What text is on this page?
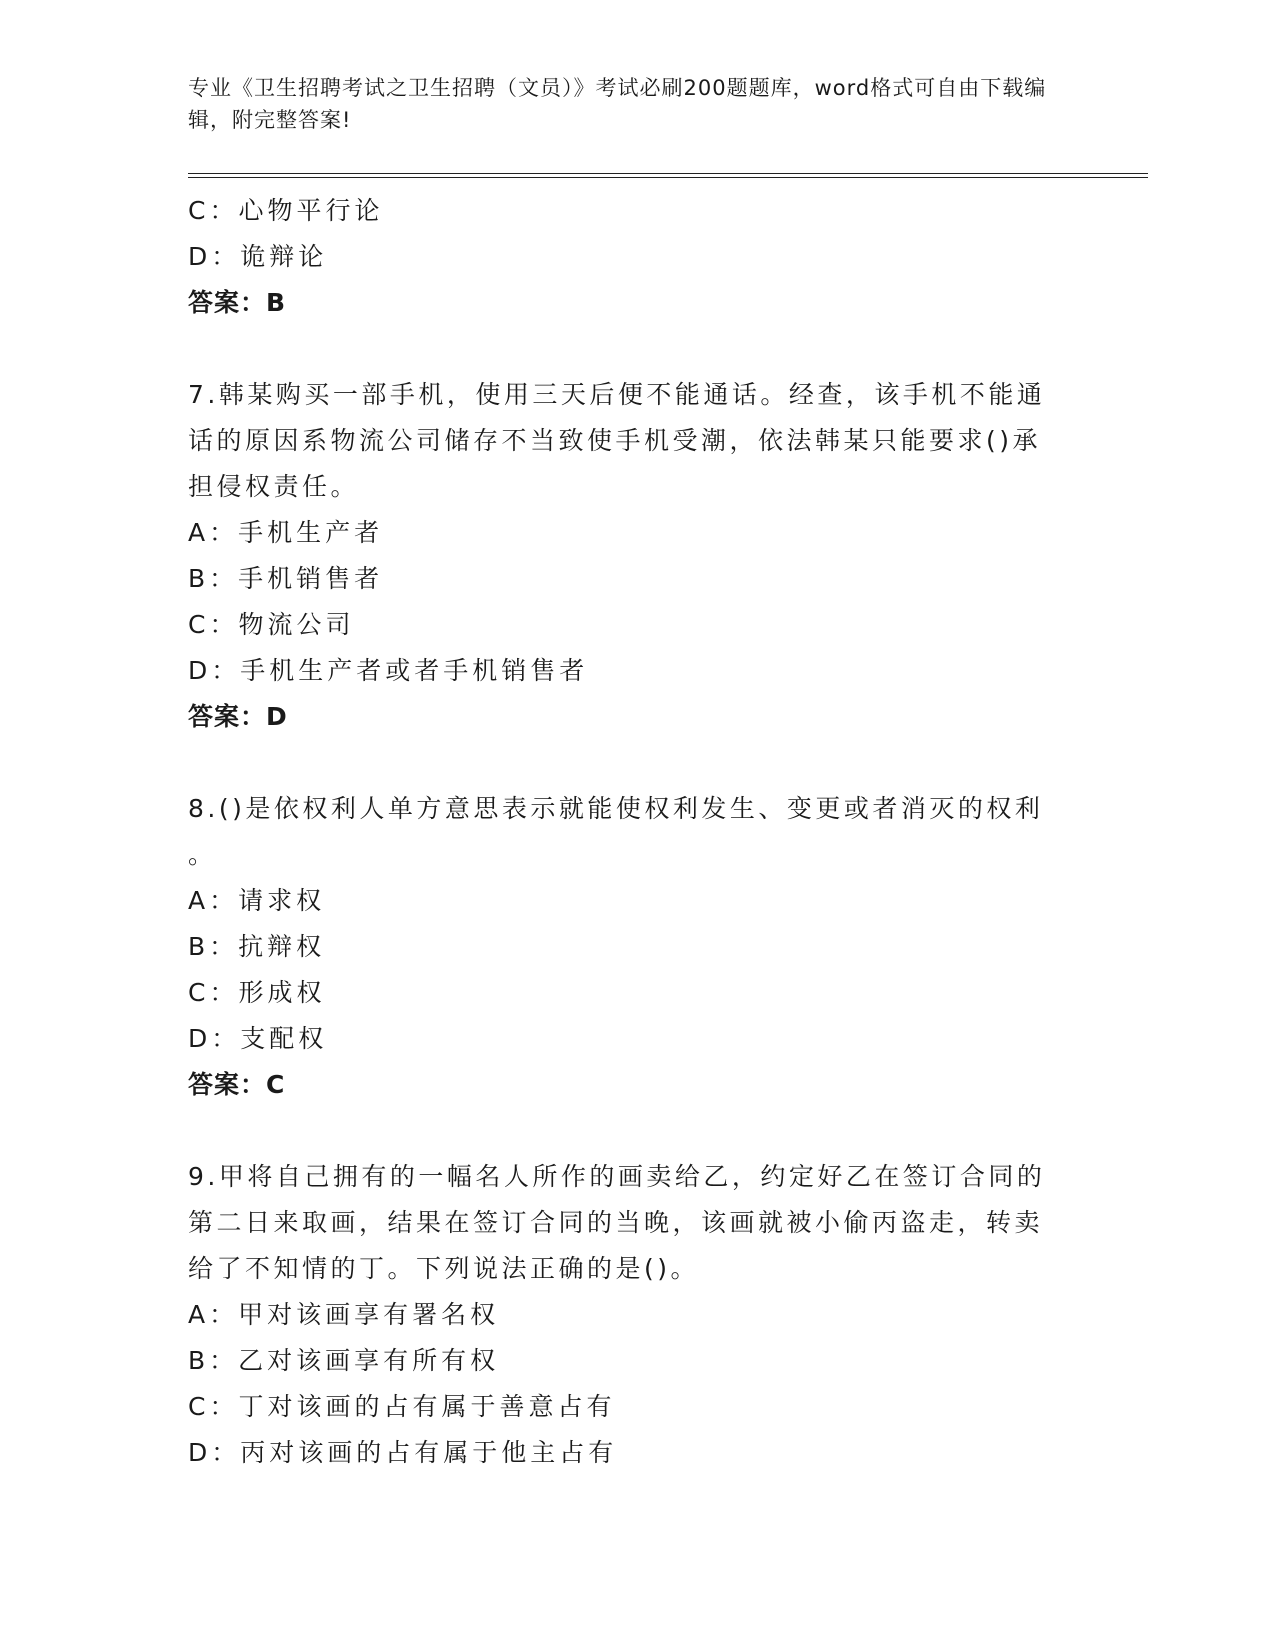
专业《卫生招聘考试之卫生招聘（文员）》考试必刷200题题库，word格式可自由下载编辑，附完整答案!

C：心物平行论

D：诡辩论

答案：B

7.韩某购买一部手机，使用三天后便不能通话。经查，该手机不能通

话的原因系物流公司储存不当致使手机受潮，依法韩某只能要求()承

担侵权责任。

A：手机生产者

B：手机销售者

C：物流公司

D：手机生产者或者手机销售者

答案：D

8.()是依权利人单方意思表示就能使权利发生、变更或者消灭的权利

。

A：请求权

B：抗辩权

C：形成权

D：支配权

答案：C

9.甲将自己拥有的一幅名人所作的画卖给乙，约定好乙在签订合同的

第二日来取画，结果在签订合同的当晚，该画就被小偷丙盗走，转卖

给了不知情的丁。下列说法正确的是()。

A：甲对该画享有署名权

B：乙对该画享有所有权

C：丁对该画的占有属于善意占有

D：丙对该画的占有属于他主占有
